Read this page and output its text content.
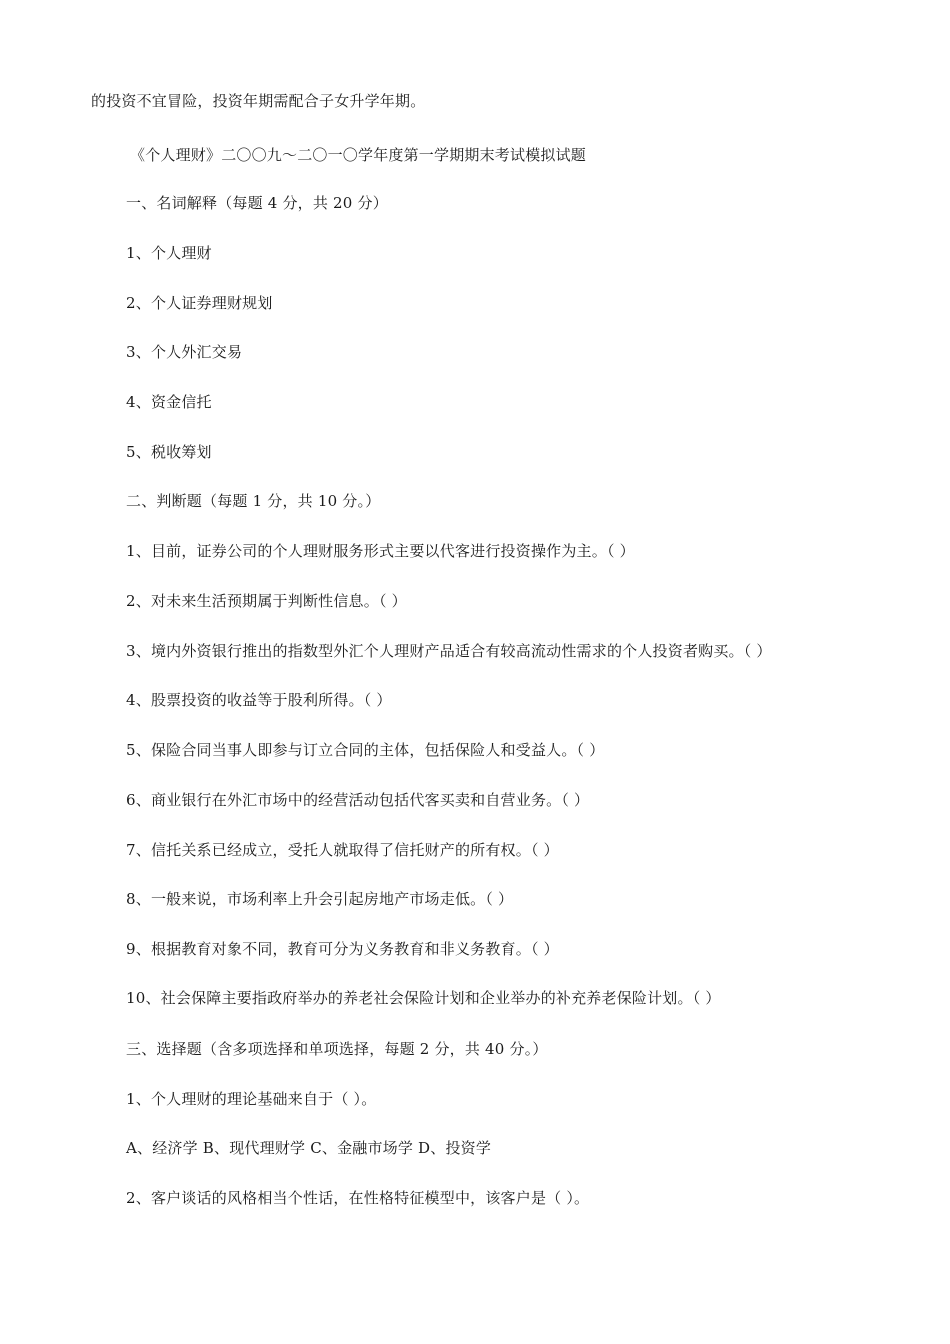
的投资不宜冒险，投资年期需配合子女升学年期。
《个人理财》二〇〇九～二〇一〇学年度第一学期期末考试模拟试题
一、名词解释（每题 4 分，共 20 分）
1、个人理财
2、个人证券理财规划
3、个人外汇交易
4、资金信托
5、税收筹划
二、判断题（每题 1 分，共 10 分。）
1、目前，证券公司的个人理财服务形式主要以代客进行投资操作为主。（ ）
2、对未来生活预期属于判断性信息。（ ）
3、境内外资银行推出的指数型外汇个人理财产品适合有较高流动性需求的个人投资者购买。（ ）
4、股票投资的收益等于股利所得。（ ）
5、保险合同当事人即参与订立合同的主体，包括保险人和受益人。（ ）
6、商业银行在外汇市场中的经营活动包括代客买卖和自营业务。（ ）
7、信托关系已经成立，受托人就取得了信托财产的所有权。（ ）
8、一般来说，市场利率上升会引起房地产市场走低。（ ）
9、根据教育对象不同，教育可分为义务教育和非义务教育。（ ）
10、社会保障主要指政府举办的养老社会保险计划和企业举办的补充养老保险计划。（ ）
三、选择题（含多项选择和单项选择，每题 2 分，共 40 分。）
1、个人理财的理论基础来自于（ ）。
A、经济学 B、现代理财学 C、金融市场学 D、投资学
2、客户谈话的风格相当个性话，在性格特征模型中，该客户是（ ）。
